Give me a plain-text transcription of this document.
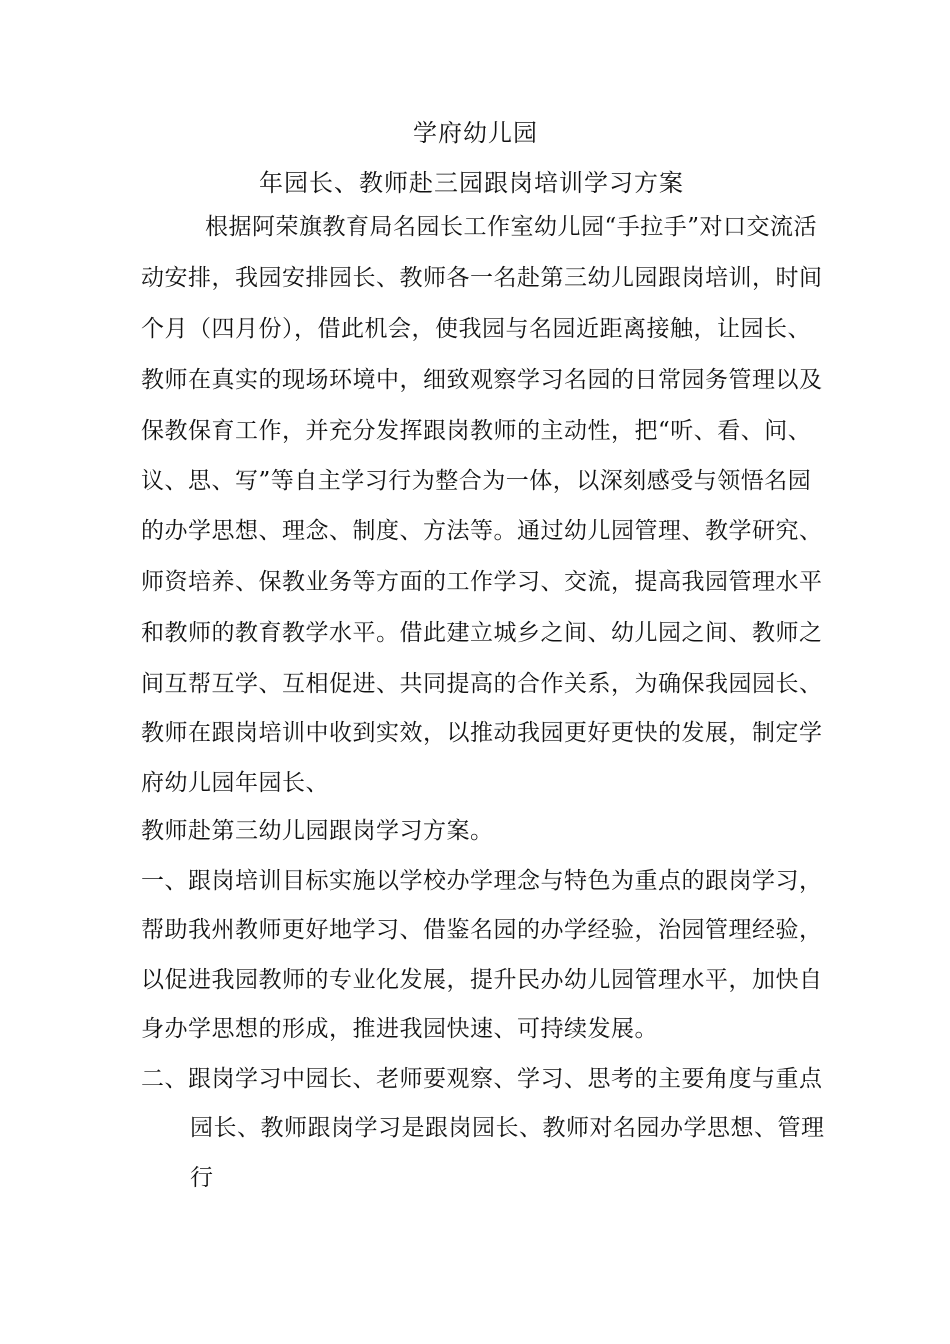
学府幼儿园
年园长、教师赴三园跟岗培训学习方案
根据阿荣旗教育局名园长工作室幼儿园“手拉手”对口交流活
动安排，我园安排园长、教师各一名赴第三幼儿园跟岗培训，时间
个月（四月份），借此机会，使我园与名园近距离接触，让园长、
教师在真实的现场环境中，细致观察学习名园的日常园务管理以及
保教保育工作，并充分发挥跟岗教师的主动性，把“听、看、问、
议、思、写”等自主学习行为整合为一体，以深刻感受与领悟名园
的办学思想、理念、制度、方法等。通过幼儿园管理、教学研究、
师资培养、保教业务等方面的工作学习、交流，提高我园管理水平
和教师的教育教学水平。借此建立城乡之间、幼儿园之间、教师之
间互帮互学、互相促进、共同提高的合作关系，为确保我园园长、
教师在跟岗培训中收到实效，以推动我园更好更快的发展，制定学
府幼儿园年园长、
教师赴第三幼儿园跟岗学习方案。
一、跟岗培训目标实施以学校办学理念与特色为重点的跟岗学习，
帮助我州教师更好地学习、借鉴名园的办学经验，治园管理经验，
以促进我园教师的专业化发展，提升民办幼儿园管理水平，加快自
身办学思想的形成，推进我园快速、可持续发展。
二、跟岗学习中园长、老师要观察、学习、思考的主要角度与重点
园长、教师跟岗学习是跟岗园长、教师对名园办学思想、管理
行
